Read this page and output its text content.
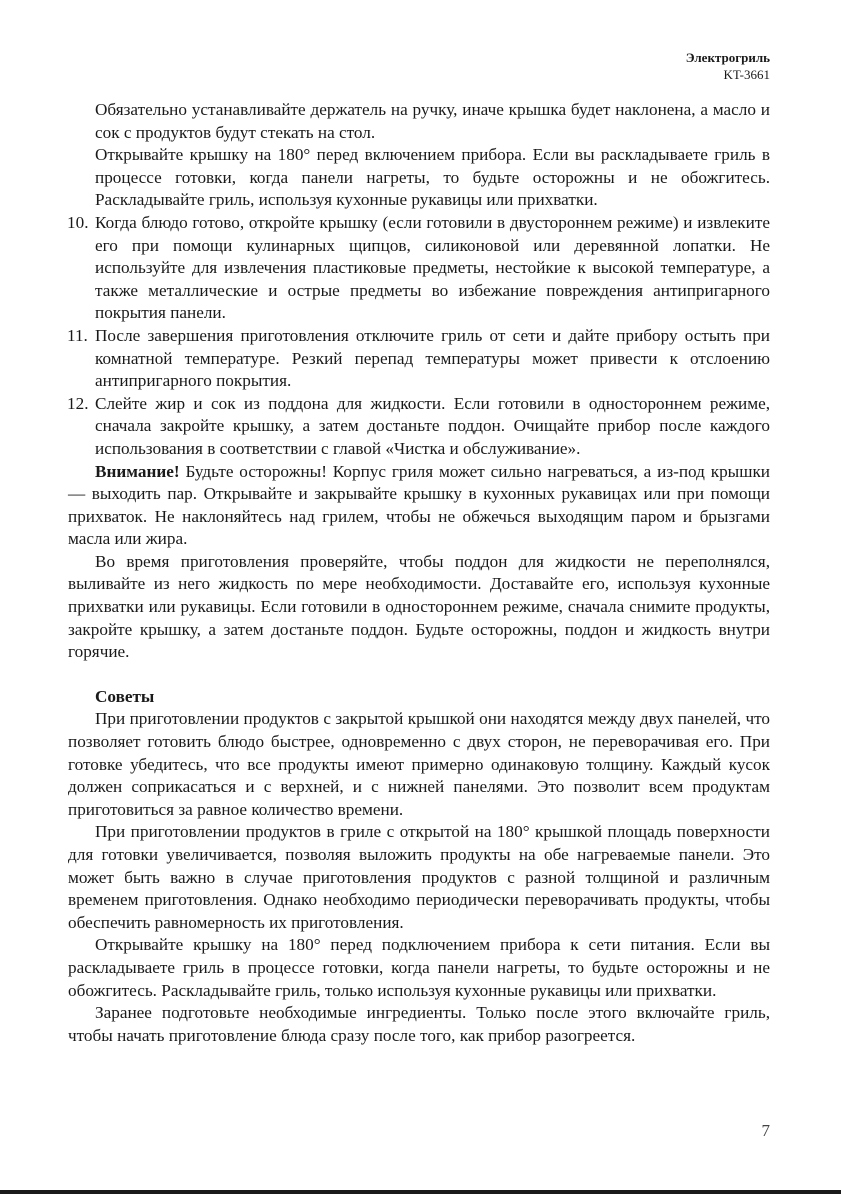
Электрогриль
KT-3661

Обязательно устанавливайте держатель на ручку, иначе крышка будет наклонена, а масло и сок с продуктов будут стекать на стол.

Открывайте крышку на 180° перед включением прибора. Если вы раскладываете гриль в процессе готовки, когда панели нагреты, то будьте осторожны и не обожгитесь. Раскладывайте гриль, используя кухонные рукавицы или прихватки.

10. Когда блюдо готово, откройте крышку (если готовили в двустороннем режиме) и извлеките его при помощи кулинарных щипцов, силиконовой или деревянной лопатки. Не используйте для извлечения пластиковые предметы, нестойкие к высокой температуре, а также металлические и острые предметы во избежание повреждения антипригарного покрытия панели.

11. После завершения приготовления отключите гриль от сети и дайте прибору остыть при комнатной температуре. Резкий перепад температуры может привести к отслоению антипригарного покрытия.

12. Слейте жир и сок из поддона для жидкости. Если готовили в одностороннем режиме, сначала закройте крышку, а затем достаньте поддон. Очищайте прибор после каждого использования в соответствии с главой «Чистка и обслуживание».

Внимание! Будьте осторожны! Корпус гриля может сильно нагреваться, а из-под крышки — выходить пар. Открывайте и закрывайте крышку в кухонных рукавицах или при помощи прихваток. Не наклоняйтесь над грилем, чтобы не обжечься выходящим паром и брызгами масла или жира.

Во время приготовления проверяйте, чтобы поддон для жидкости не переполнялся, выливайте из него жидкость по мере необходимости. Доставайте его, используя кухонные прихватки или рукавицы. Если готовили в одностороннем режиме, сначала снимите продукты, закройте крышку, а затем достаньте поддон. Будьте осторожны, поддон и жидкость внутри горячие.

Советы

При приготовлении продуктов с закрытой крышкой они находятся между двух панелей, что позволяет готовить блюдо быстрее, одновременно с двух сторон, не переворачивая его. При готовке убедитесь, что все продукты имеют примерно одинаковую толщину. Каждый кусок должен соприкасаться и с верхней, и с нижней панелями. Это позволит всем продуктам приготовиться за равное количество времени.

При приготовлении продуктов в гриле с открытой на 180° крышкой площадь поверхности для готовки увеличивается, позволяя выложить продукты на обе нагреваемые панели. Это может быть важно в случае приготовления продуктов с разной толщиной и различным временем приготовления. Однако необходимо периодически переворачивать продукты, чтобы обеспечить равномерность их приготовления.

Открывайте крышку на 180° перед подключением прибора к сети питания. Если вы раскладываете гриль в процессе готовки, когда панели нагреты, то будьте осторожны и не обожгитесь. Раскладывайте гриль, только используя кухонные рукавицы или прихватки.

Заранее подготовьте необходимые ингредиенты. Только после этого включайте гриль, чтобы начать приготовление блюда сразу после того, как прибор разогреется.

7
